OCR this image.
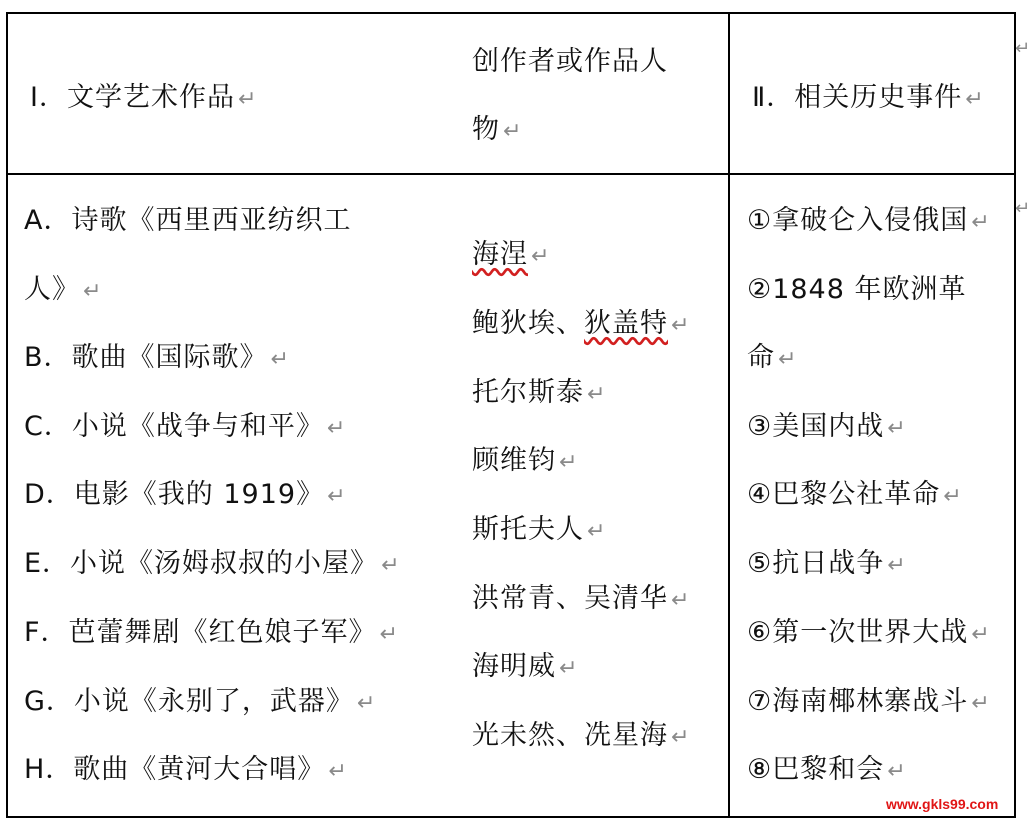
Ⅰ．文学艺术作品 ↵
创作者或作品人
物 ↵
Ⅱ．相关历史事件 ↵
A．诗歌《西里西亚纺织工
人》 ↵
B．歌曲《国际歌》 ↵
C．小说《战争与和平》 ↵
D．电影《我的 1919》 ↵
E．小说《汤姆叔叔的小屋》 ↵
F．芭蕾舞剧《红色娘子军》 ↵
G．小说《永别了，武器》 ↵
H．歌曲《黄河大合唱》 ↵
海涅 ↵
鲍狄埃、狄盖特 ↵
托尔斯泰 ↵
顾维钧 ↵
斯托夫人 ↵
洪常青、吴清华 ↵
海明威 ↵
光未然、冼星海 ↵
①拿破仑入侵俄国 ↵
②1848 年欧洲革
命 ↵
③美国内战 ↵
④巴黎公社革命 ↵
⑤抗日战争 ↵
⑥第一次世界大战 ↵
⑦海南椰林寨战斗 ↵
⑧巴黎和会 ↵
↵
↵
www.gkls99.com
